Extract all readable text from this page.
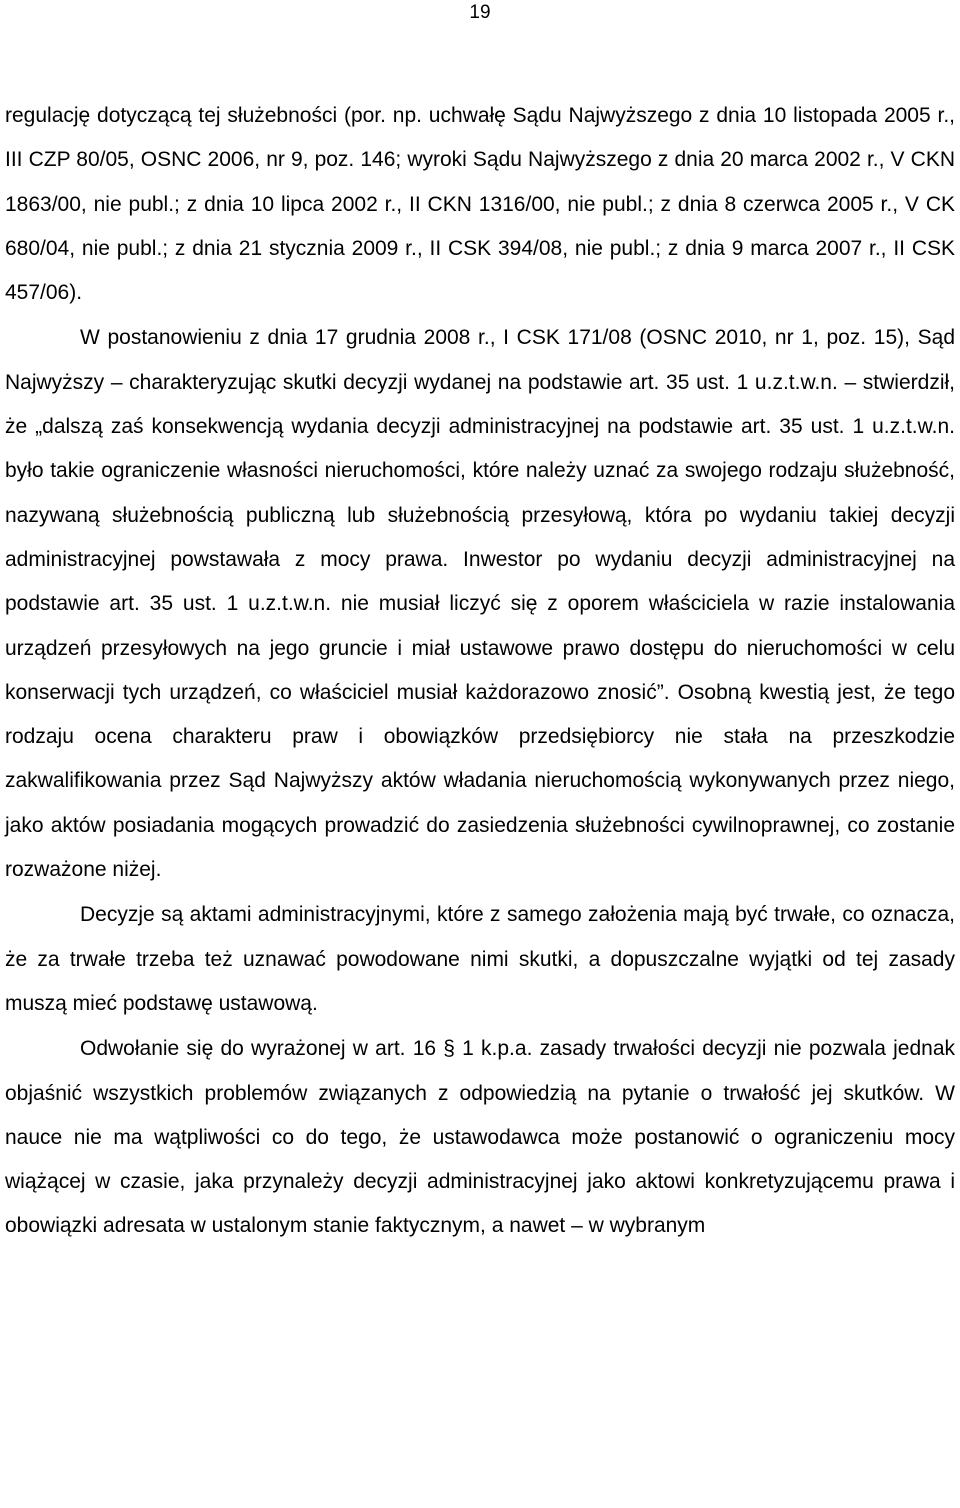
19

regulację dotyczącą tej służebności (por. np. uchwałę Sądu Najwyższego z dnia 10 listopada 2005 r., III CZP 80/05, OSNC 2006, nr 9, poz. 146; wyroki Sądu Najwyższego z dnia 20 marca 2002 r., V CKN 1863/00, nie publ.; z dnia 10 lipca 2002 r., II CKN 1316/00, nie publ.; z dnia 8 czerwca 2005 r., V CK 680/04, nie publ.; z dnia 21 stycznia 2009 r., II CSK 394/08, nie publ.; z dnia 9 marca 2007 r., II CSK 457/06).

W postanowieniu z dnia 17 grudnia 2008 r., I CSK 171/08 (OSNC 2010, nr 1, poz. 15), Sąd Najwyższy – charakteryzując skutki decyzji wydanej na podstawie art. 35 ust. 1 u.z.t.w.n. – stwierdził, że „dalszą zaś konsekwencją wydania decyzji administracyjnej na podstawie art. 35 ust. 1 u.z.t.w.n. było takie ograniczenie własności nieruchomości, które należy uznać za swojego rodzaju służebność, nazywaną służebnością publiczną lub służebnością przesyłową, która po wydaniu takiej decyzji administracyjnej powstawała z mocy prawa. Inwestor po wydaniu decyzji administracyjnej na podstawie art. 35 ust. 1 u.z.t.w.n. nie musiał liczyć się z oporem właściciela w razie instalowania urządzeń przesyłowych na jego gruncie i miał ustawowe prawo dostępu do nieruchomości w celu konserwacji tych urządzeń, co właściciel musiał każdorazowo znosić”. Osobną kwestią jest, że tego rodzaju ocena charakteru praw i obowiązków przedsiębiorcy nie stała na przeszkodzie zakwalifikowania przez Sąd Najwyższy aktów władania nieruchomością wykonywanych przez niego, jako aktów posiadania mogących prowadzić do zasiedzenia służebności cywilnoprawnej, co zostanie rozważone niżej.

Decyzje są aktami administracyjnymi, które z samego założenia mają być trwałe, co oznacza, że za trwałe trzeba też uznawać powodowane nimi skutki, a dopuszczalne wyjątki od tej zasady muszą mieć podstawę ustawową.

Odwołanie się do wyrażonej w art. 16 § 1 k.p.a. zasady trwałości decyzji nie pozwala jednak objaśnić wszystkich problemów związanych z odpowiedzią na pytanie o trwałość jej skutków. W nauce nie ma wątpliwości co do tego, że ustawodawca może postanowić o ograniczeniu mocy wiążącej w czasie, jaka przynależy decyzji administracyjnej jako aktowi konkretyzującemu prawa i obowiązki adresata w ustalonym stanie faktycznym, a nawet – w wybranym
